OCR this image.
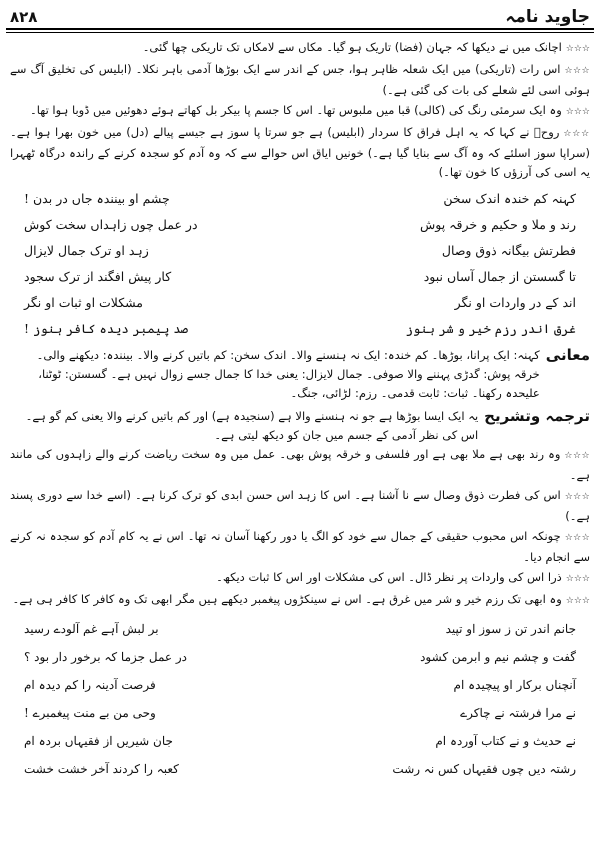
جاوید نامہ
۸۲۸

☆☆☆اچانک میں نے دیکھا کہ جہان (فضا) تاریک ہو گیا۔ مکاں سے لامکاں تک تاریکی چھا گئی۔

☆☆☆اس رات (تاریکی) میں ایک شعلہ ظاہر ہوا، جس کے اندر سے ایک بوڑھا آدمی باہر نکلا۔ (ابلیس کی تخلیق آگ سے ہوئی اسی لئے شعلے کی بات کی گئی ہے۔)

☆☆☆وہ ایک سرمئی رنگ کی (کالی) قبا میں ملبوس تھا۔ اس کا جسم پا بیکر بل کھاتے ہوئے دھوئیں میں ڈوبا ہوا تھا۔

☆☆☆روحؔ نے کہا کہ یہ اہل فراق کا سردار (ابلیس) ہے جو سرتا پا سوز ہے جیسے پیالے (دل) میں خون بھرا ہوا ہے۔ (سراپا سوز اسلئے کہ وہ آگ سے بنایا گیا ہے۔) خونیں ایاق اس حوالے سے کہ وہ آدم کو سجدہ کرنے کے راندہ درگاہ ٹھہرا یہ اسی کی آرزؤں کا خون تھا۔)

کہنہ کم خندہ اندک سخن
چشم او بینندہ جاں در بدن !
رند و ملا و حکیم و خرقہ پوش
در عمل چوں زاہداں سخت کوش
فطرتش بیگانہ ذوق وصال
زہد او ترک جمال لایزال
تا گسستن از جمال آساں نبود
کار پیش افگند از ترک سجود
اند کے در واردات او نگر
مشکلات او ثبات او نگر
غرق اندر رزم خیر و شر ہنوز
صد پیمبر دیدہ کافر ہنوز !
معانی
کہنہ: ایک پرانا، بوڑھا۔ کم خندہ: ایک نہ ہنسنے والا۔ اندک سخن: کم باتیں کرنے والا۔ بینندہ: دیکھنے والی۔ خرقہ پوش: گدڑی پہننے والا صوفی۔ جمال لایزال: یعنی خدا کا جمال جسے زوال نہیں ہے۔ گسستن: ٹوٹنا، علیحدہ رکھنا۔ ثبات: ثابت قدمی۔ رزم: لڑائی، جنگ۔
ترجمہ وتشریح
یہ ایک ایسا بوڑھا ہے جو نہ ہنسنے والا ہے (سنجیدہ ہے) اور کم باتیں کرنے والا یعنی کم گو ہے۔ اس کی نظر آدمی کے جسم میں جان کو دیکھ لیتی ہے۔

☆☆☆وہ رند بھی ہے ملا بھی ہے اور فلسفی و خرقہ پوش بھی۔ عمل میں وہ سخت ریاضت کرنے والے زاہدوں کی مانند ہے۔

☆☆☆اس کی فطرت ذوق وصال سے نا آشنا ہے۔ اس کا زہد اس حسن ابدی کو ترک کرنا ہے۔ (اسے خدا سے دوری پسند ہے۔)

☆☆☆چونکہ اس محبوب حقیقی کے جمال سے خود کو الگ یا دور رکھنا آسان نہ تھا۔ اس نے یہ کام آدم کو سجدہ نہ کرنے سے انجام دیا۔

☆☆☆ذرا اس کی واردات پر نظر ڈال۔ اس کی مشکلات اور اس کا ثبات دیکھ۔

☆☆☆وہ ابھی تک رزم خیر و شر میں غرق ہے۔ اس نے سینکڑوں پیغمبر دیکھے ہیں مگر ابھی تک وہ کافر کا کافر ہی ہے۔

جانم اندر تن ز سوز او تپید
بر لبش آہے غم آلودے رسید
گفت و چشم نیم و ابرمن کشود
در عمل جزما کہ برخور دار بود ؟
آنچناں برکار او پیچیدہ ام
فرصت آدینہ را کم دیدہ ام
نے مرا فرشتہ نے چاکرے
وحی من بے منت پیغمبرے !
نے حدیث و نے کتاب آوردہ ام
جان شیریں از فقیہاں بردہ ام
رشتہ دیں چوں فقیہاں کس نہ رشت
کعبہ را کردند آخر خشت خشت
